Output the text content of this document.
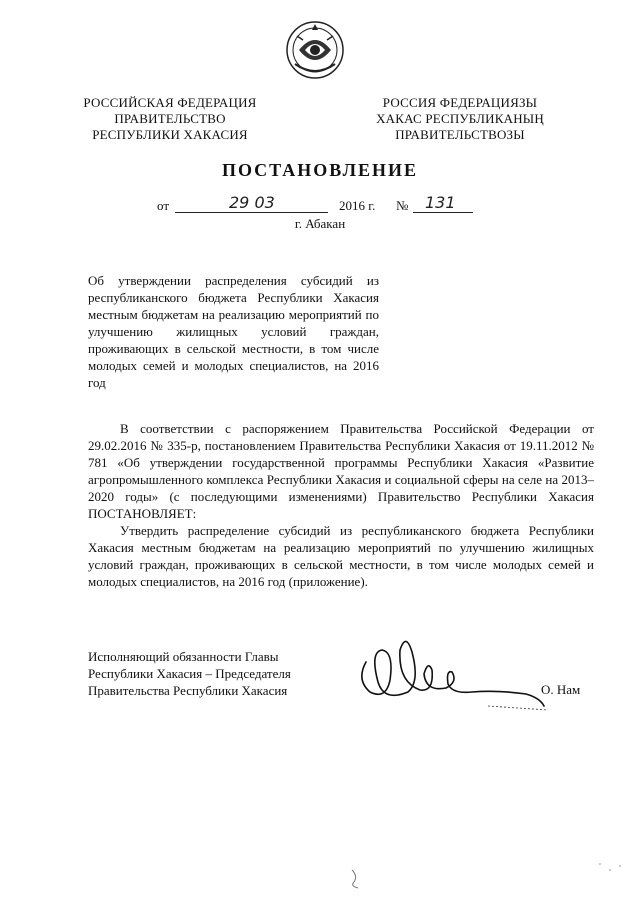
РОССИЙСКАЯ ФЕДЕРАЦИЯ
ПРАВИТЕЛЬСТВО
РЕСПУБЛИКИ ХАКАСИЯ
РОССИЯ ФЕДЕРАЦИЯЗЫ
ХАКАС РЕСПУБЛИКАНЫҢ
ПРАВИТЕЛЬСТВОЗЫ
ПОСТАНОВЛЕНИЕ
от	29 03	2016 г. № 131
г. Абакан
Об утверждении распределения субсидий из республиканского бюджета Республики Хакасия местным бюджетам на реализацию мероприятий по улучшению жилищных условий граждан, проживающих в сельской местности, в том числе молодых семей и молодых специалистов, на 2016 год

В соответствии с распоряжением Правительства Российской Федерации от 29.02.2016 № 335-р, постановлением Правительства Республики Хакасия от 19.11.2012 № 781 «Об утверждении государственной программы Республики Хакасия «Развитие агропромышленного комплекса Республики Хакасия и социальной сферы на селе на 2013–2020 годы» (с последующими изменениями) Правительство Республики Хакасия ПОСТАНОВЛЯЕТ:

Утвердить распределение субсидий из республиканского бюджета Республики Хакасия местным бюджетам на реализацию мероприятий по улучшению жилищных условий граждан, проживающих в сельской местности, в том числе молодых семей и молодых специалистов, на 2016 год (приложение).

Исполняющий обязанности Главы
Республики Хакасия – Председателя
Правительства Республики Хакасия	О. Нам
